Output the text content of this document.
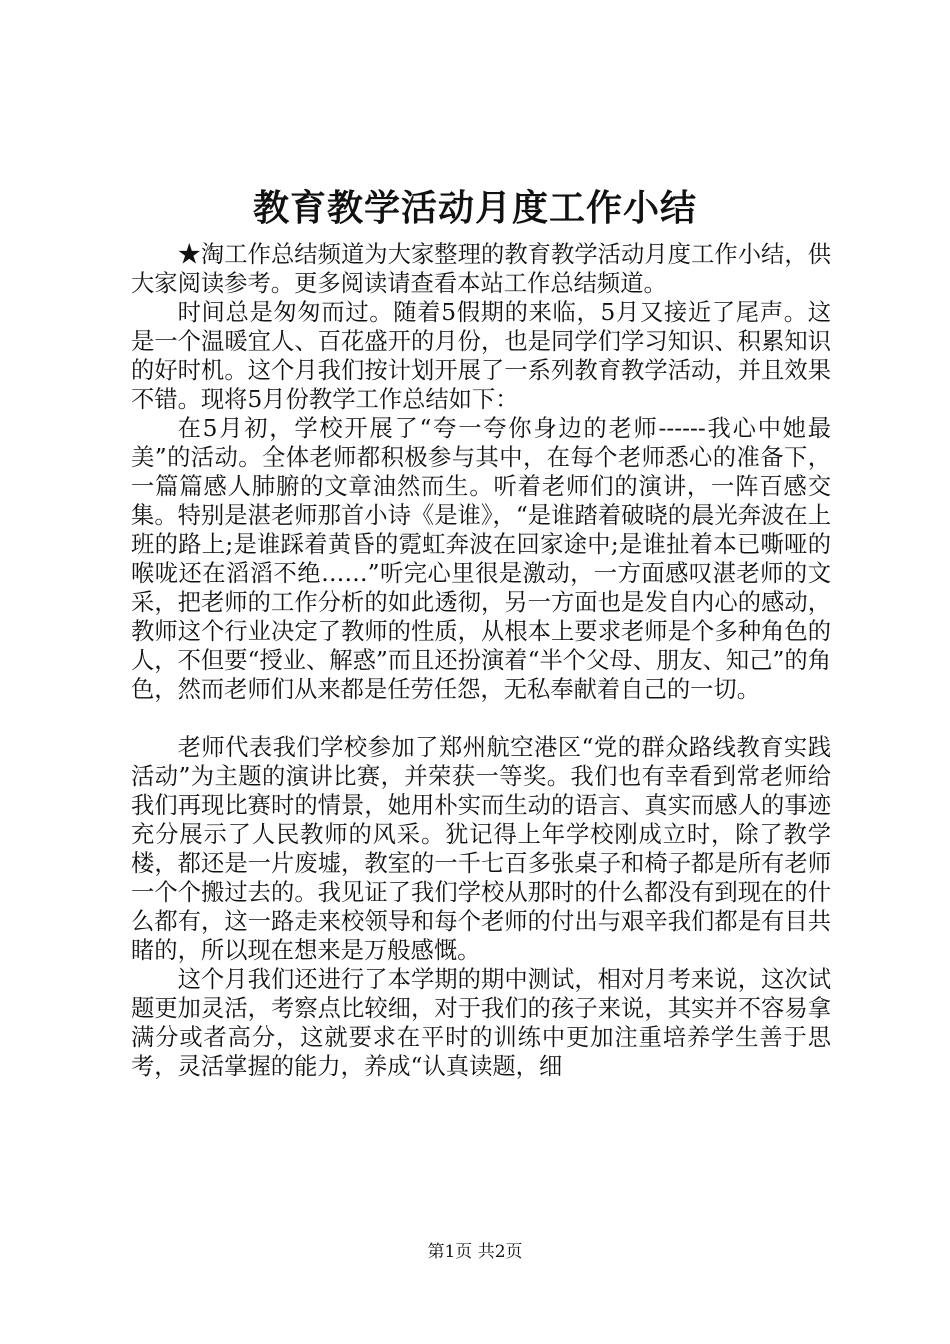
教育教学活动月度工作小结

★淘工作总结频道为大家整理的教育教学活动月度工作小结，供大家阅读参考。更多阅读请查看本站工作总结频道。

时间总是匆匆而过。随着5假期的来临，5月又接近了尾声。这是一个温暖宜人、百花盛开的月份，也是同学们学习知识、积累知识的好时机。这个月我们按计划开展了一系列教育教学活动，并且效果不错。现将5月份教学工作总结如下：

在5月初，学校开展了“夸一夸你身边的老师------我心中她最美”的活动。全体老师都积极参与其中，在每个老师悉心的准备下，一篇篇感人肺腑的文章油然而生。听着老师们的演讲，一阵百感交集。特别是湛老师那首小诗《是谁》，“是谁踏着破晓的晨光奔波在上班的路上;是谁踩着黄昏的霓虹奔波在回家途中;是谁扯着本已嘶哑的喉咙还在滔滔不绝……”听完心里很是激动，一方面感叹湛老师的文采，把老师的工作分析的如此透彻，另一方面也是发自内心的感动，教师这个行业决定了教师的性质，从根本上要求老师是个多种角色的人，不但要“授业、解惑”而且还扮演着“半个父母、朋友、知己”的角色，然而老师们从来都是任劳任怨，无私奉献着自己的一切。

老师代表我们学校参加了郑州航空港区“党的群众路线教育实践活动”为主题的演讲比赛，并荣获一等奖。我们也有幸看到常老师给我们再现比赛时的情景，她用朴实而生动的语言、真实而感人的事迹充分展示了人民教师的风采。犹记得上年学校刚成立时，除了教学楼，都还是一片废墟，教室的一千七百多张桌子和椅子都是所有老师一个个搬过去的。我见证了我们学校从那时的什么都没有到现在的什么都有，这一路走来校领导和每个老师的付出与艰辛我们都是有目共睹的，所以现在想来是万般感慨。

这个月我们还进行了本学期的期中测试，相对月考来说，这次试题更加灵活，考察点比较细，对于我们的孩子来说，其实并不容易拿满分或者高分，这就要求在平时的训练中更加注重培养学生善于思考，灵活掌握的能力，养成“认真读题，细

第1页 共2页
